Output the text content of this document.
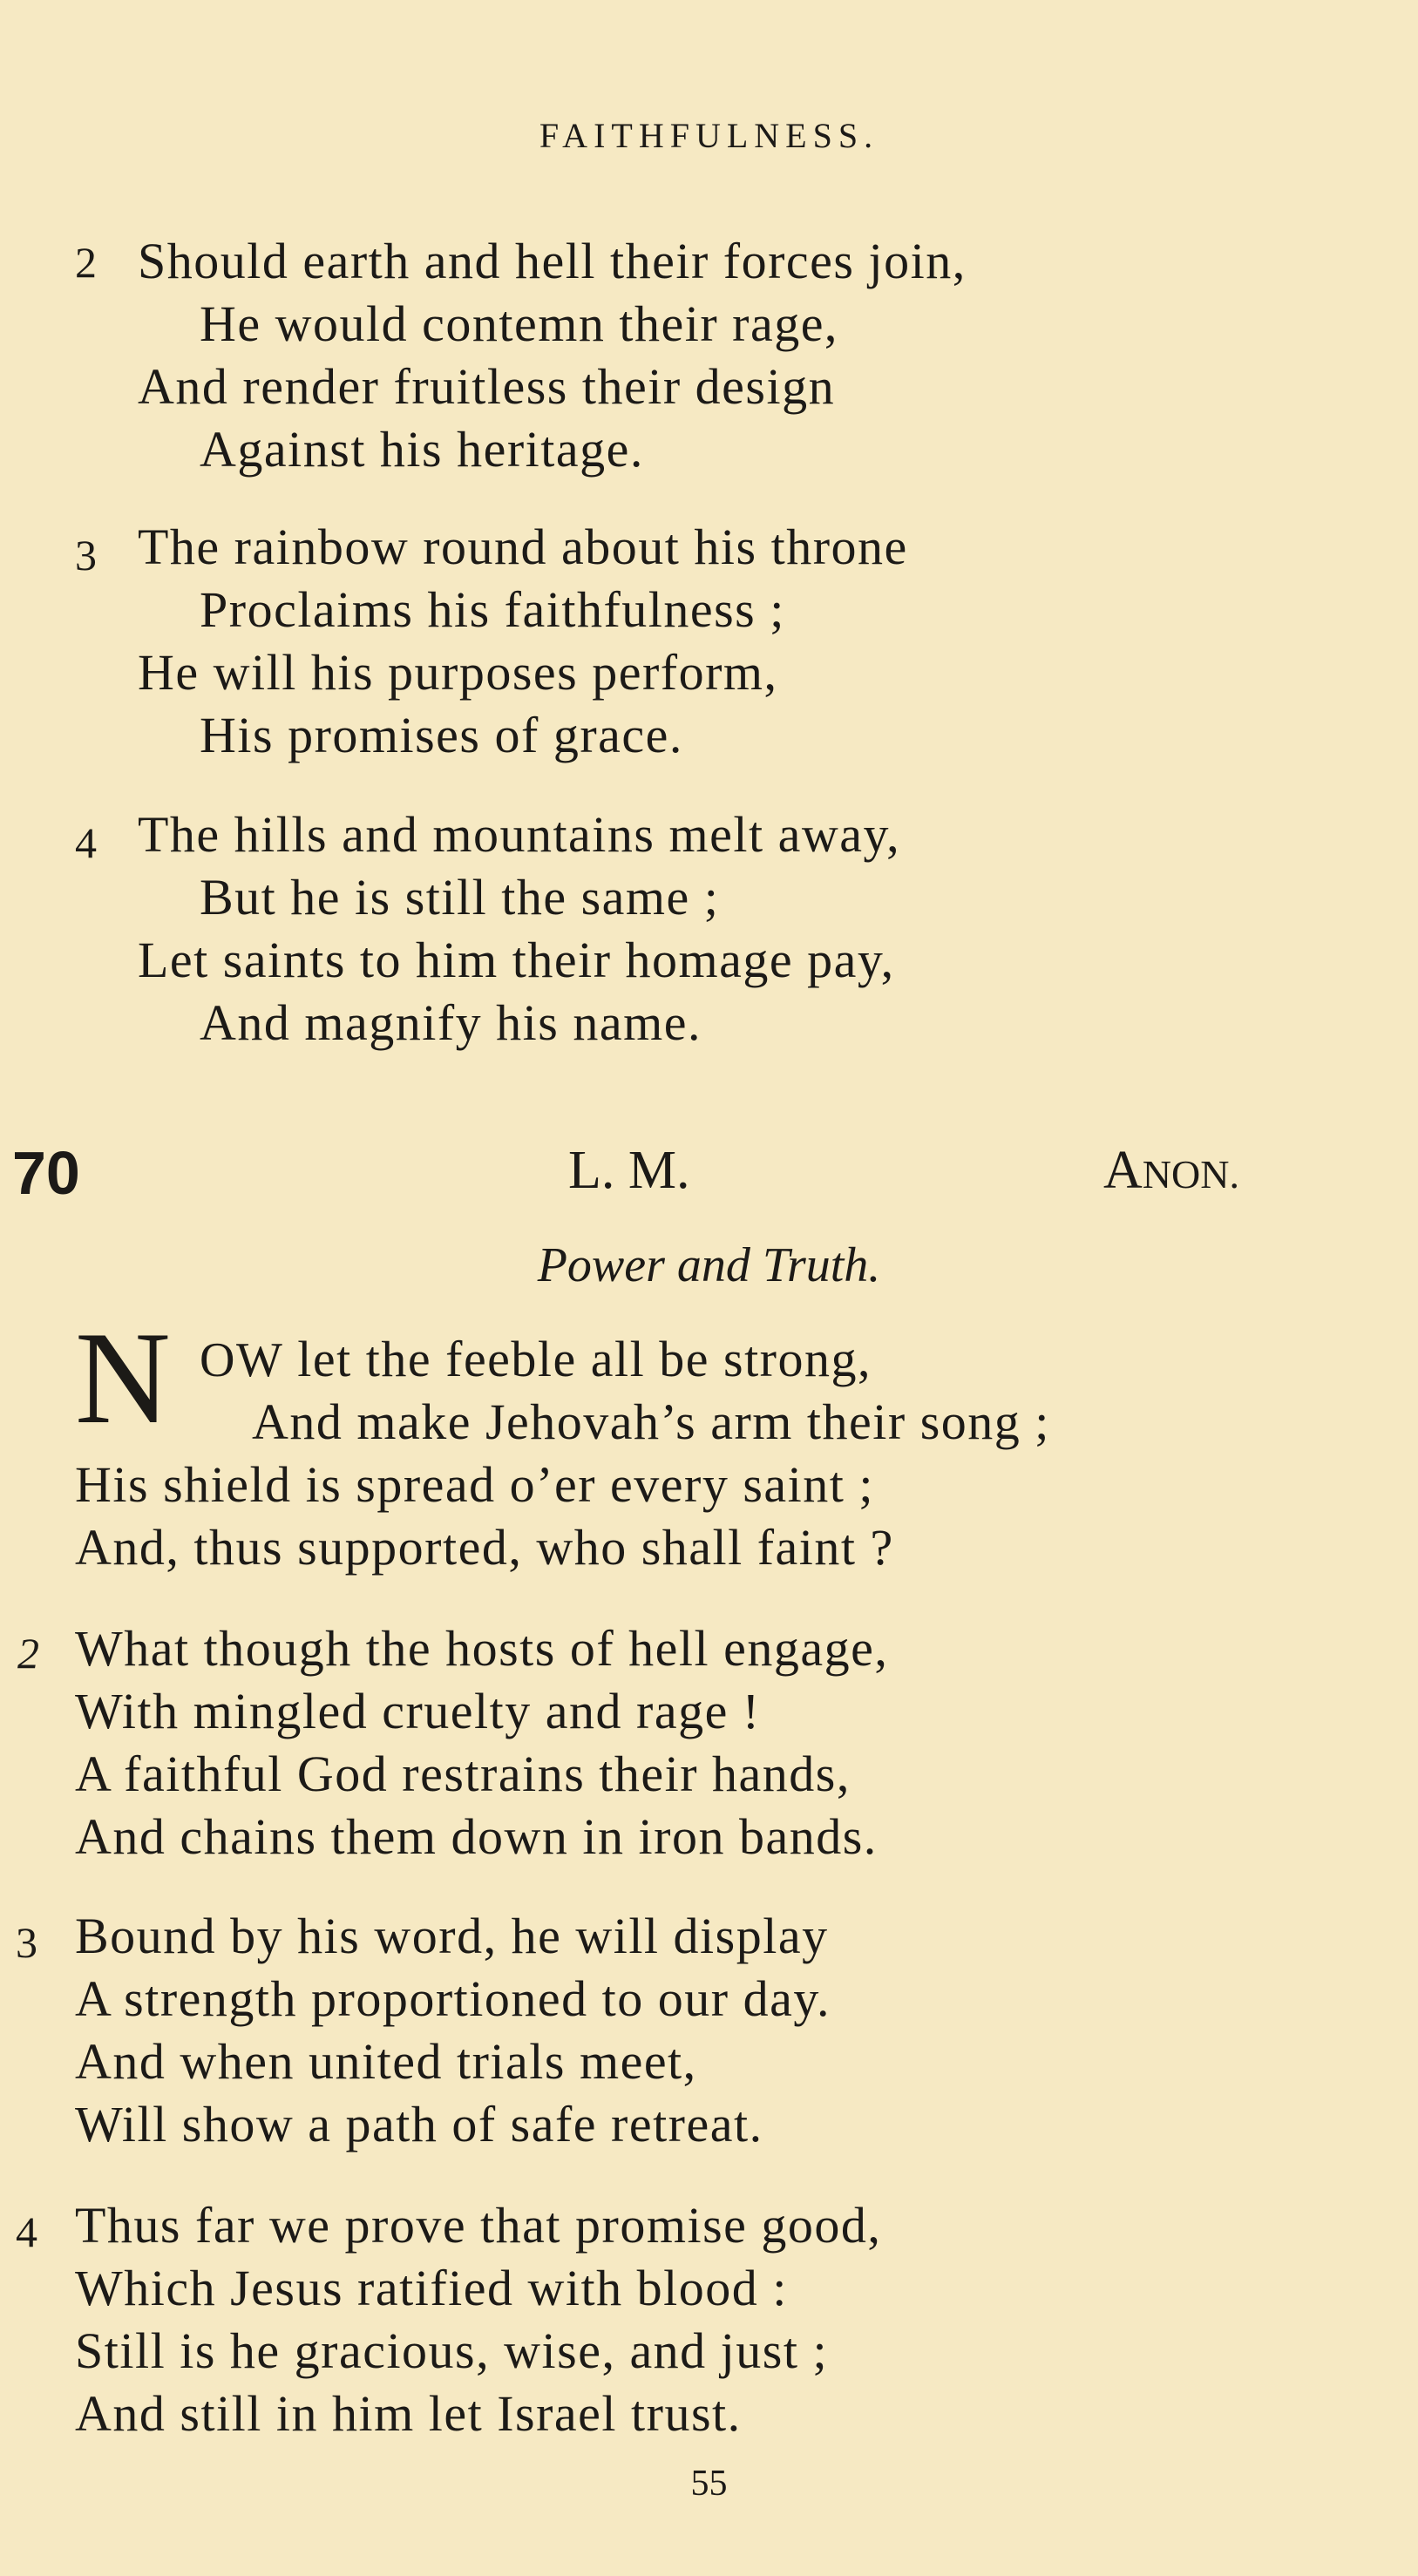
FAITHFULNESS.
2 Should earth and hell their forces join,
He would contemn their rage,
And render fruitless their design
Against his heritage.
3 The rainbow round about his throne
Proclaims his faithfulness ;
He will his purposes perform,
His promises of grace.
4 The hills and mountains melt away,
But he is still the same ;
Let saints to him their homage pay,
And magnify his name.
70	L. M.	ANON.
Power and Truth.
N OW let the feeble all be strong,
And make Jehovah’s arm their song ;
His shield is spread o’er every saint ;
And, thus supported, who shall faint ?
2 What though the hosts of hell engage,
With mingled cruelty and rage !
A faithful God restrains their hands,
And chains them down in iron bands.
3 Bound by his word, he will display
A strength proportioned to our day.
And when united trials meet,
Will show a path of safe retreat.
4 Thus far we prove that promise good,
Which Jesus ratified with blood :
Still is he gracious, wise, and just ;
And still in him let Israel trust.
55
